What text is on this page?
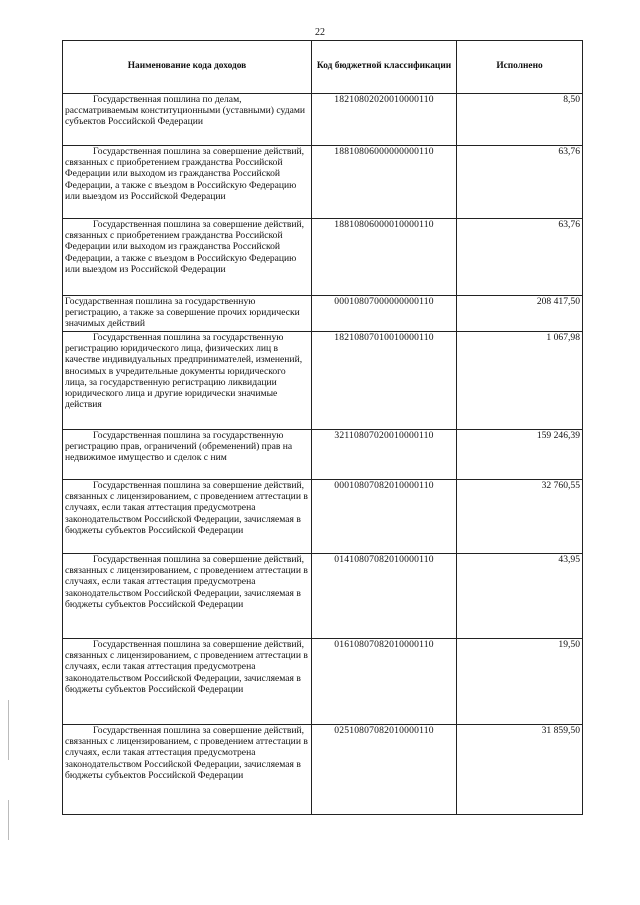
22
Наименование кода доходов	Код бюджетной классификации	Исполнено
Государственная пошлина по делам, рассматриваемым конституционными (уставными) судами субъектов Российской Федерации	18210802020010000110	8,50
Государственная пошлина за совершение действий, связанных с приобретением гражданства Российской Федерации или выходом из гражданства Российской Федерации, а также с въездом в Российскую Федерацию или выездом из Российской Федерации	18810806000000000110	63,76
Государственная пошлина за совершение действий, связанных с приобретением гражданства Российской Федерации или выходом из гражданства Российской Федерации, а также с въездом в Российскую Федерацию или выездом из Российской Федерации	18810806000010000110	63,76
Государственная пошлина за государственную регистрацию, а также за совершение прочих юридически значимых действий	00010807000000000110	208 417,50
Государственная пошлина за государственную регистрацию юридического лица, физических лиц в качестве индивидуальных предпринимателей, изменений, вносимых в учредительные документы юридического лица, за государственную регистрацию ликвидации юридического лица и другие юридически значимые действия	18210807010010000110	1 067,98
Государственная пошлина за государственную регистрацию прав, ограничений (обременений) прав на недвижимое имущество и сделок с ним	32110807020010000110	159 246,39
Государственная пошлина за совершение действий, связанных с лицензированием, с проведением аттестации в случаях, если такая аттестация предусмотрена законодательством Российской Федерации, зачисляемая в бюджеты субъектов Российской Федерации	00010807082010000110	32 760,55
Государственная пошлина за совершение действий, связанных с лицензированием, с проведением аттестации в случаях, если такая аттестация предусмотрена законодательством Российской Федерации, зачисляемая в бюджеты субъектов Российской Федерации	01410807082010000110	43,95
Государственная пошлина за совершение действий, связанных с лицензированием, с проведением аттестации в случаях, если такая аттестация предусмотрена законодательством Российской Федерации, зачисляемая в бюджеты субъектов Российской Федерации	01610807082010000110	19,50
Государственная пошлина за совершение действий, связанных с лицензированием, с проведением аттестации в случаях, если такая аттестация предусмотрена законодательством Российской Федерации, зачисляемая в бюджеты субъектов Российской Федерации	02510807082010000110	31 859,50
